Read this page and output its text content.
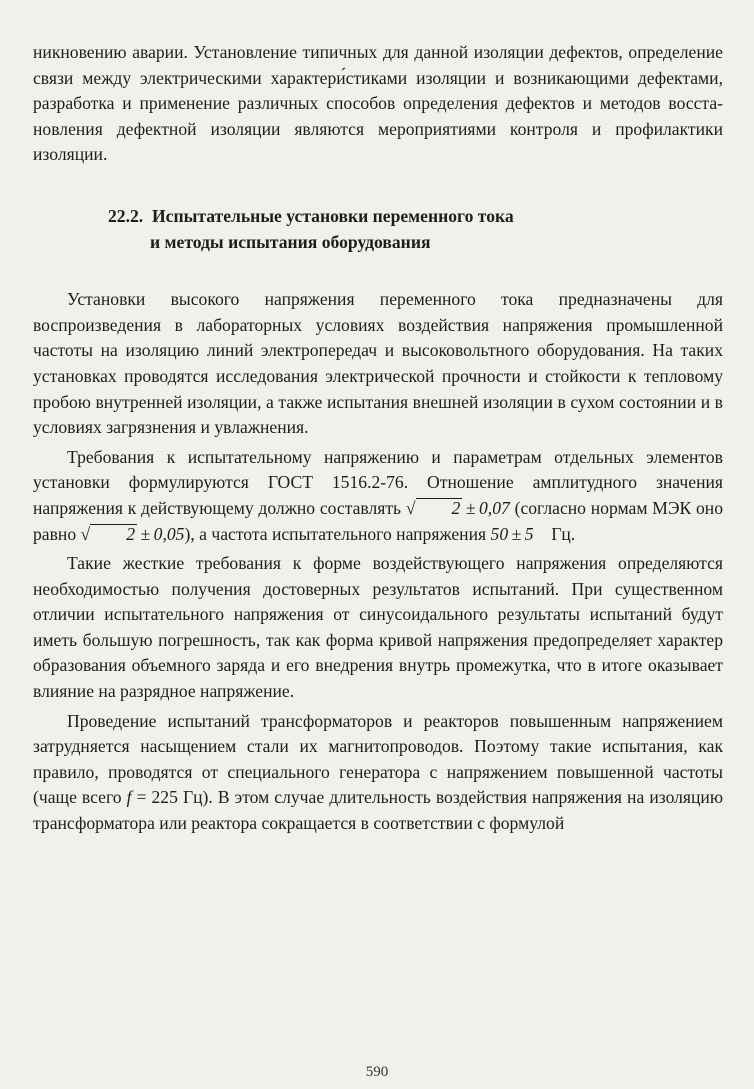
никновению аварии. Установление типичных для данной изоляции дефектов, определение связи между электрическими характери́стиками изоляции и возникающими дефектами, разработка и применение различных способов определения дефектов и методов восстановления дефектной изоляции являются мероприятиями контроля и профилактики изоляции.

22.2. Испытательные установки переменного тока
и методы испытания оборудования

Установки высокого напряжения переменного тока предназначены для воспроизведения в лабораторных условиях воздействия напряжения промышленной частоты на изоляцию линий электропередач и высоковольтного оборудования. На таких установках проводятся исследования электрической прочности и стойкости к тепловому пробою внутренней изоляции, а также испытания внешней изоляции в сухом состоянии и в условиях загрязнения и увлажнения.

Требования к испытательному напряжению и параметрам отдельных элементов установки формулируются ГОСТ 1516.2-76. Отношение амплитудного значения напряжения к действующему должно составлять √ 2 ± 0,07 (согласно нормам МЭК оно равно √ 2 ± 0,05), а частота испытательного напряжения 50 ± 5 Гц.

Такие жесткие требования к форме воздействующего напряжения определяются необходимостью получения достоверных результатов испытаний. При существенном отличии испытательного напряжения от синусоидального результаты испытаний будут иметь большую погрешность, так как форма кривой напряжения предопределяет характер образования объемного заряда и его внедрения внутрь промежутка, что в итоге оказывает влияние на разрядное напряжение.

Проведение испытаний трансформаторов и реакторов повышенным напряжением затрудняется насыщением стали их магнитопроводов. Поэтому такие испытания, как правило, проводятся от специального генератора с напряжением повышенной частоты (чаще всего f = 225 Гц). В этом случае длительность воздействия напряжения на изоляцию трансформатора или реактора сокращается в соответствии с формулой

590
